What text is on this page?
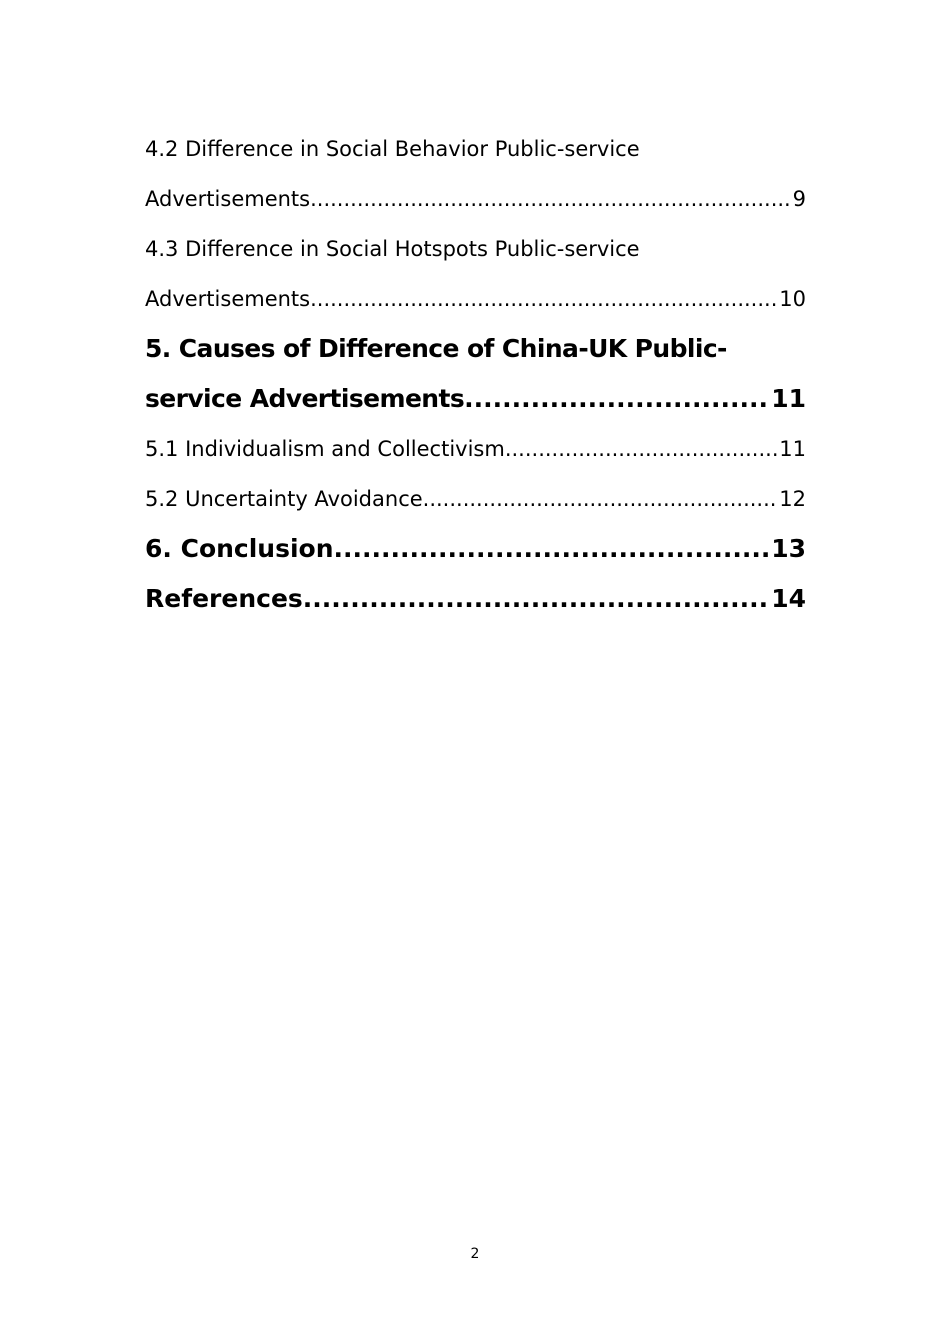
4.2 Difference in Social Behavior Public-service
Advertisements .....	9
4.3 Difference in Social Hotspots Public-service
Advertisements .....	10
5. Causes of Difference of China-UK Public-
service Advertisements .....	11
5.1 Individualism and Collectivism .....	11
5.2 Uncertainty Avoidance .....	12
6. Conclusion .....	13
References .....	14
2
